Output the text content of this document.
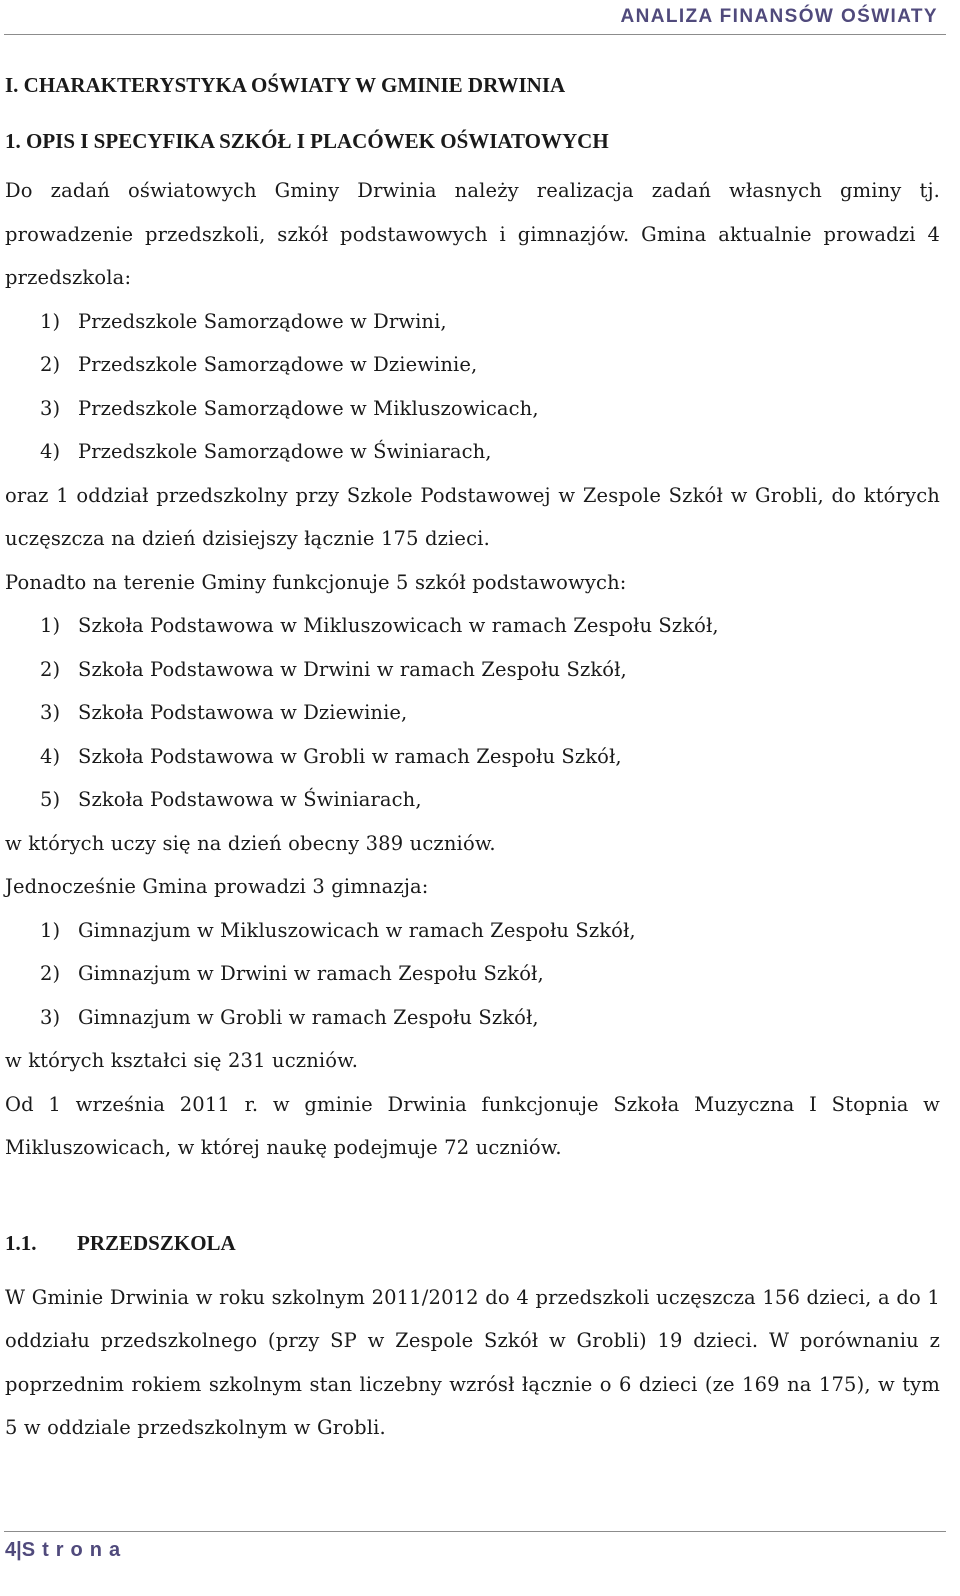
ANALIZA FINANSÓW OŚWIATY
I. CHARAKTERYSTYKA OŚWIATY W GMINIE DRWINIA
1. OPIS I SPECYFIKA SZKÓŁ I PLACÓWEK OŚWIATOWYCH

Do zadań oświatowych Gminy Drwinia należy realizacja zadań własnych gminy tj. prowadzenie przedszkoli, szkół podstawowych i gimnazjów. Gmina aktualnie prowadzi 4 przedszkola:

1) Przedszkole Samorządowe w Drwini,
2) Przedszkole Samorządowe w Dziewinie,
3) Przedszkole Samorządowe w Mikluszowicach,
4) Przedszkole Samorządowe w Świniarach,

oraz 1 oddział przedszkolny przy Szkole Podstawowej w Zespole Szkół w Grobli, do których uczęszcza na dzień dzisiejszy łącznie 175 dzieci.

Ponadto na terenie Gminy funkcjonuje 5 szkół podstawowych:

1) Szkoła Podstawowa w Mikluszowicach w ramach Zespołu Szkół,
2) Szkoła Podstawowa w Drwini w ramach Zespołu Szkół,
3) Szkoła Podstawowa w Dziewinie,
4) Szkoła Podstawowa w Grobli w ramach Zespołu Szkół,
5) Szkoła Podstawowa w Świniarach,

w których uczy się na dzień obecny 389 uczniów.

Jednocześnie Gmina prowadzi 3 gimnazja:

1) Gimnazjum w Mikluszowicach w ramach Zespołu Szkół,
2) Gimnazjum w Drwini w ramach Zespołu Szkół,
3) Gimnazjum w Grobli w ramach Zespołu Szkół,

w których kształci się 231 uczniów.

Od 1 września 2011 r. w gminie Drwinia funkcjonuje Szkoła Muzyczna I Stopnia w Mikluszowicach, w której naukę podejmuje 72 uczniów.

1.1.	PRZEDSZKOLA

W Gminie Drwinia w roku szkolnym 2011/2012 do 4 przedszkoli uczęszcza 156 dzieci, a do 1 oddziału przedszkolnego (przy SP w Zespole Szkół w Grobli) 19 dzieci. W porównaniu z poprzednim rokiem szkolnym stan liczebny wzrósł łącznie o 6 dzieci (ze 169 na 175), w tym 5 w oddziale przedszkolnym w Grobli.

4|Strona
